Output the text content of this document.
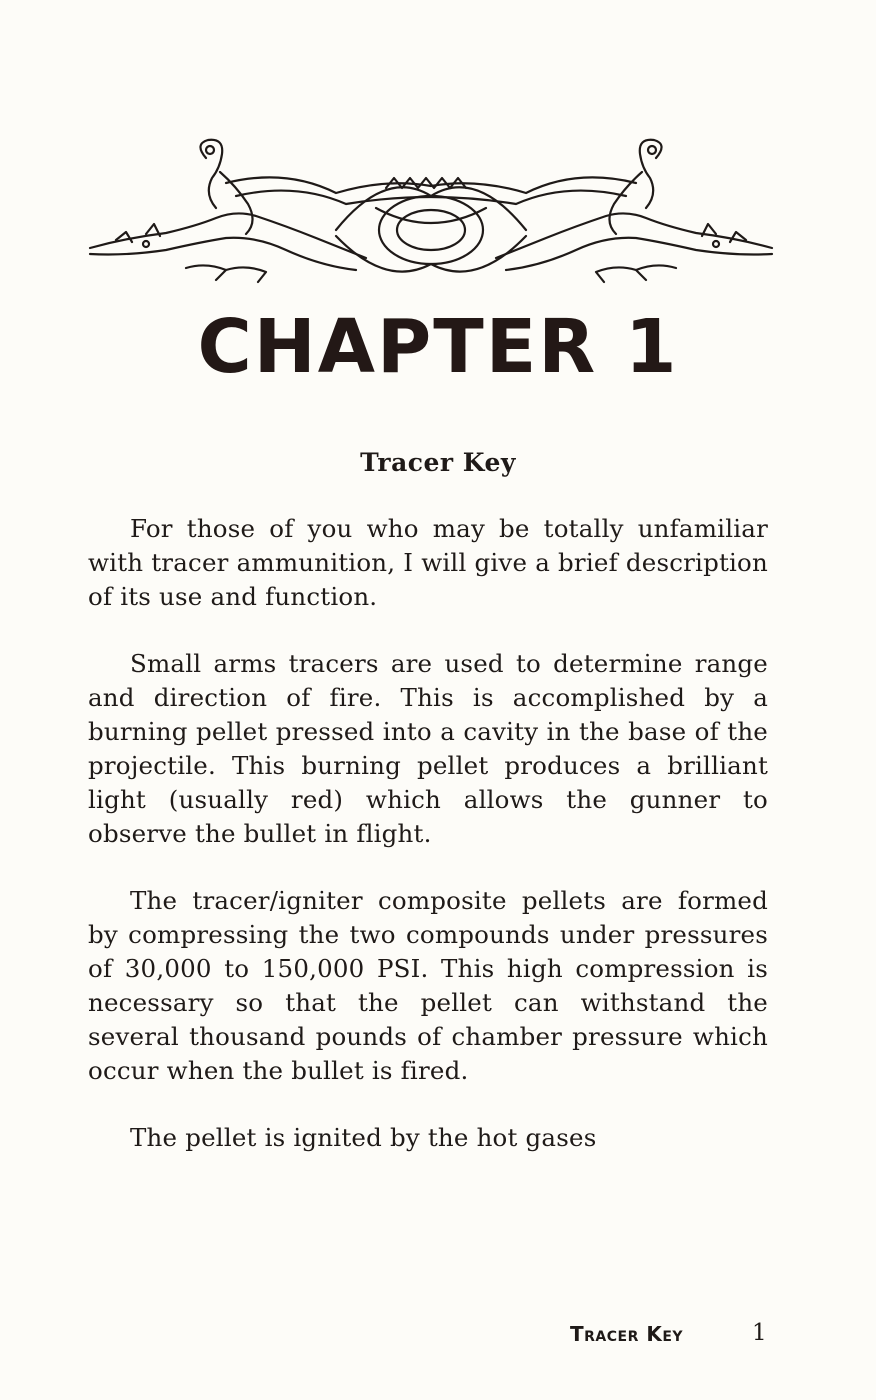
CHAPTER 1
Tracer Key

For those of you who may be totally unfamiliar with tracer ammunition, I will give a brief description of its use and function.

Small arms tracers are used to determine range and direction of fire. This is accomplished by a burning pellet pressed into a cavity in the base of the projectile. This burning pellet produces a brilliant light (usually red) which allows the gunner to observe the bullet in flight.

The tracer/igniter composite pellets are formed by compressing the two compounds under pressures of 30,000 to 150,000 PSI. This high compression is necessary so that the pellet can withstand the several thousand pounds of chamber pressure which occur when the bullet is fired.

The pellet is ignited by the hot gases

Tracer Key	1
